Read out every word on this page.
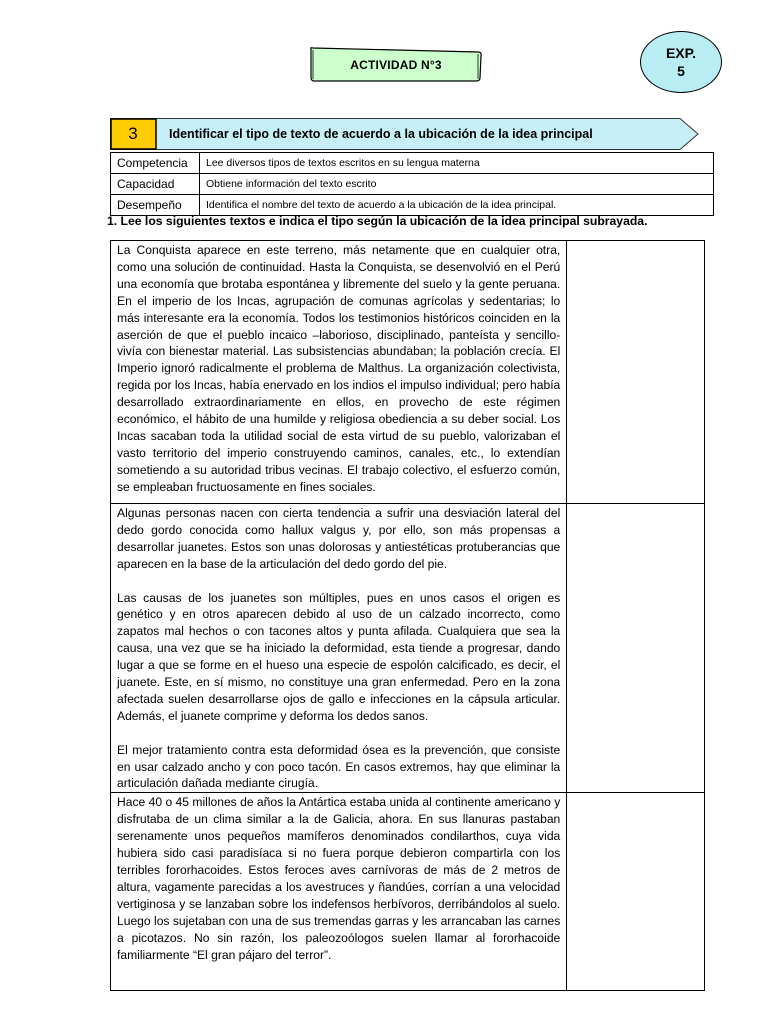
ACTIVIDAD N°3
EXP.
5
3	Identificar el tipo de texto de acuerdo a la ubicación de la idea principal
Competencia	Lee diversos tipos de textos escritos en su lengua materna
Capacidad	Obtiene información del texto escrito
Desempeño	Identifica el nombre del texto de acuerdo a la ubicación de la idea principal.
1. Lee los siguientes textos e indica el tipo según la ubicación de la idea principal subrayada.

La Conquista aparece en este terreno, más netamente que en cualquier otra, como una solución de continuidad. Hasta la Conquista, se desenvolvió en el Perú una economía que brotaba espontánea y libremente del suelo y la gente peruana. En el imperio de los Incas, agrupación de comunas agrícolas y sedentarias; lo más interesante era la economía. Todos los testimonios históricos coinciden en la aserción de que el pueblo incaico –laborioso, disciplinado, panteísta y sencillo- vivía con bienestar material. Las subsistencias abundaban; la población crecía. El Imperio ignoró radicalmente el problema de Malthus. La organización colectivista, regida por los Incas, había enervado en los indios el impulso individual; pero había desarrollado extraordinariamente en ellos, en provecho de este régimen económico, el hábito de una humilde y religiosa obediencia a su deber social. Los Incas sacaban toda la utilidad social de esta virtud de su pueblo, valorizaban el vasto territorio del imperio construyendo caminos, canales, etc., lo extendían sometiendo a su autoridad tribus vecinas. El trabajo colectivo, el esfuerzo común, se empleaban fructuosamente en fines sociales.	

Algunas personas nacen con cierta tendencia a sufrir una desviación lateral del dedo gordo conocida como hallux valgus y, por ello, son más propensas a desarrollar juanetes. Estos son unas dolorosas y antiestéticas protuberancias que aparecen en la base de la articulación del dedo gordo del pie.

Las causas de los juanetes son múltiples, pues en unos casos el origen es genético y en otros aparecen debido al uso de un calzado incorrecto, como zapatos mal hechos o con tacones altos y punta afilada. Cualquiera que sea la causa, una vez que se ha iniciado la deformidad, esta tiende a progresar, dando lugar a que se forme en el hueso una especie de espolón calcificado, es decir, el juanete. Este, en sí mismo, no constituye una gran enfermedad. Pero en la zona afectada suelen desarrollarse ojos de gallo e infecciones en la cápsula articular. Además, el juanete comprime y deforma los dedos sanos.

El mejor tratamiento contra esta deformidad ósea es la prevención, que consiste en usar calzado ancho y con poco tacón. En casos extremos, hay que eliminar la articulación dañada mediante cirugía.	

Hace 40 o 45 millones de años la Antártica estaba unida al continente americano y disfrutaba de un clima similar a la de Galicia, ahora. En sus llanuras pastaban serenamente unos pequeños mamíferos denominados condilarthos, cuya vida hubiera sido casi paradisíaca si no fuera porque debieron compartirla con los terribles fororhacoides. Estos feroces aves carnívoras de más de 2 metros de altura, vagamente parecidas a los avestruces y ñandúes, corrían a una velocidad vertiginosa y se lanzaban sobre los indefensos herbívoros, derribándolos al suelo. Luego los sujetaban con una de sus tremendas garras y les arrancaban las carnes a picotazos. No sin razón, los paleozoólogos suelen llamar al fororhacoide familiarmente “El gran pájaro del terror”.	
